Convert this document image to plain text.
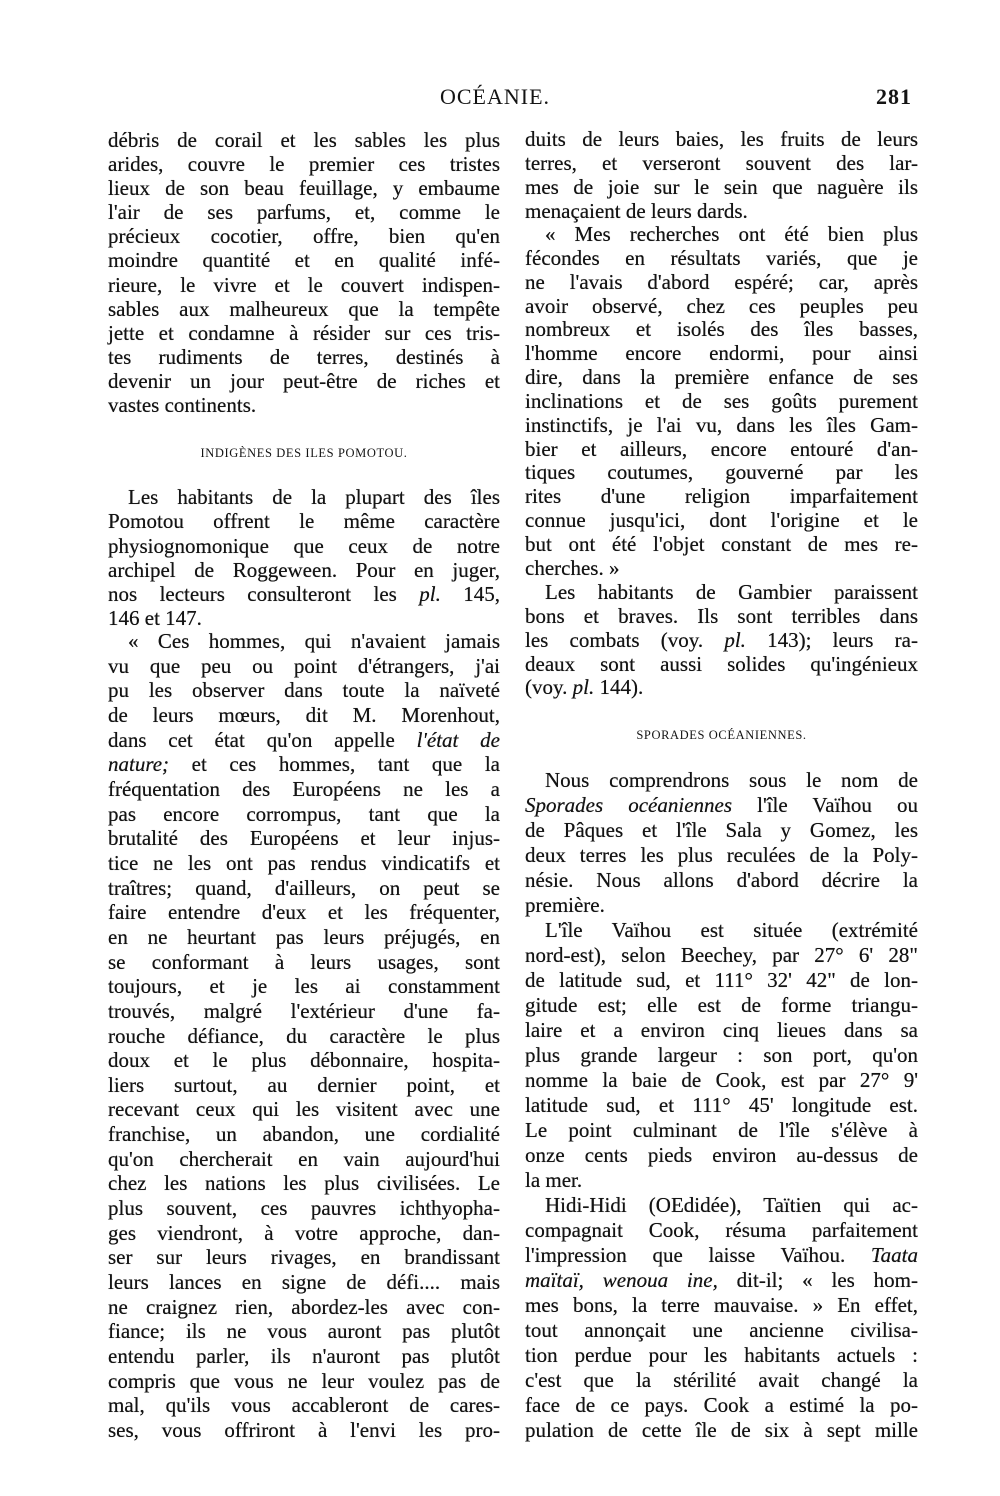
OCÉANIE.	281
débris de corail et les sables les plus
arides, couvre le premier ces tristes
lieux de son beau feuillage, y embaume
l'air de ses parfums, et, comme le
précieux cocotier, offre, bien qu'en
moindre quantité et en qualité infé-
rieure, le vivre et le couvert indispen-
sables aux malheureux que la tempête
jette et condamne à résider sur ces tris-
tes rudiments de terres, destinés à
devenir un jour peut-être de riches et
vastes continents.
INDIGÈNES DES ILES POMOTOU.
Les habitants de la plupart des îles
Pomotou offrent le même caractère
physiognomonique que ceux de notre
archipel de Roggeween. Pour en juger,
nos lecteurs consulteront les pl. 145,
146 et 147.
« Ces hommes, qui n'avaient jamais
vu que peu ou point d'étrangers, j'ai
pu les observer dans toute la naïveté
de leurs mœurs, dit M. Morenhout,
dans cet état qu'on appelle l'état de
nature; et ces hommes, tant que la
fréquentation des Européens ne les a
pas encore corrompus, tant que la
brutalité des Européens et leur injus-
tice ne les ont pas rendus vindicatifs et
traîtres; quand, d'ailleurs, on peut se
faire entendre d'eux et les fréquenter,
en ne heurtant pas leurs préjugés, en
se conformant à leurs usages, sont
toujours, et je les ai constamment
trouvés, malgré l'extérieur d'une fa-
rouche défiance, du caractère le plus
doux et le plus débonnaire, hospita-
liers surtout, au dernier point, et
recevant ceux qui les visitent avec une
franchise, un abandon, une cordialité
qu'on chercherait en vain aujourd'hui
chez les nations les plus civilisées. Le
plus souvent, ces pauvres ichthyopha-
ges viendront, à votre approche, dan-
ser sur leurs rivages, en brandissant
leurs lances en signe de défi.... mais
ne craignez rien, abordez-les avec con-
fiance; ils ne vous auront pas plutôt
entendu parler, ils n'auront pas plutôt
compris que vous ne leur voulez pas de
mal, qu'ils vous accableront de cares-
ses, vous offriront à l'envi les pro-
duits de leurs baies, les fruits de leurs
terres, et verseront souvent des lar-
mes de joie sur le sein que naguère ils
menaçaient de leurs dards.
« Mes recherches ont été bien plus
fécondes en résultats variés, que je
ne l'avais d'abord espéré; car, après
avoir observé, chez ces peuples peu
nombreux et isolés des îles basses,
l'homme encore endormi, pour ainsi
dire, dans la première enfance de ses
inclinations et de ses goûts purement
instinctifs, je l'ai vu, dans les îles Gam-
bier et ailleurs, encore entouré d'an-
tiques coutumes, gouverné par les
rites d'une religion imparfaitement
connue jusqu'ici, dont l'origine et le
but ont été l'objet constant de mes re-
cherches. »
Les habitants de Gambier paraissent
bons et braves. Ils sont terribles dans
les combats (voy. pl. 143); leurs ra-
deaux sont aussi solides qu'ingénieux
(voy. pl. 144).
SPORADES OCÉANIENNES.
Nous comprendrons sous le nom de
Sporades océaniennes l'île Vaïhou ou
de Pâques et l'île Sala y Gomez, les
deux terres les plus reculées de la Poly-
nésie. Nous allons d'abord décrire la
première.
L'île Vaïhou est située (extrémité
nord-est), selon Beechey, par 27° 6' 28"
de latitude sud, et 111° 32' 42" de lon-
gitude est; elle est de forme triangu-
laire et a environ cinq lieues dans sa
plus grande largeur : son port, qu'on
nomme la baie de Cook, est par 27° 9'
latitude sud, et 111° 45' longitude est.
Le point culminant de l'île s'élève à
onze cents pieds environ au-dessus de
la mer.
Hidi-Hidi (OEdidée), Taïtien qui ac-
compagnait Cook, résuma parfaitement
l'impression que laisse Vaïhou. Taata
maïtaï, wenoua ine, dit-il; « les hom-
mes bons, la terre mauvaise. » En effet,
tout annonçait une ancienne civilisa-
tion perdue pour les habitants actuels :
c'est que la stérilité avait changé la
face de ce pays. Cook a estimé la po-
pulation de cette île de six à sept mille
